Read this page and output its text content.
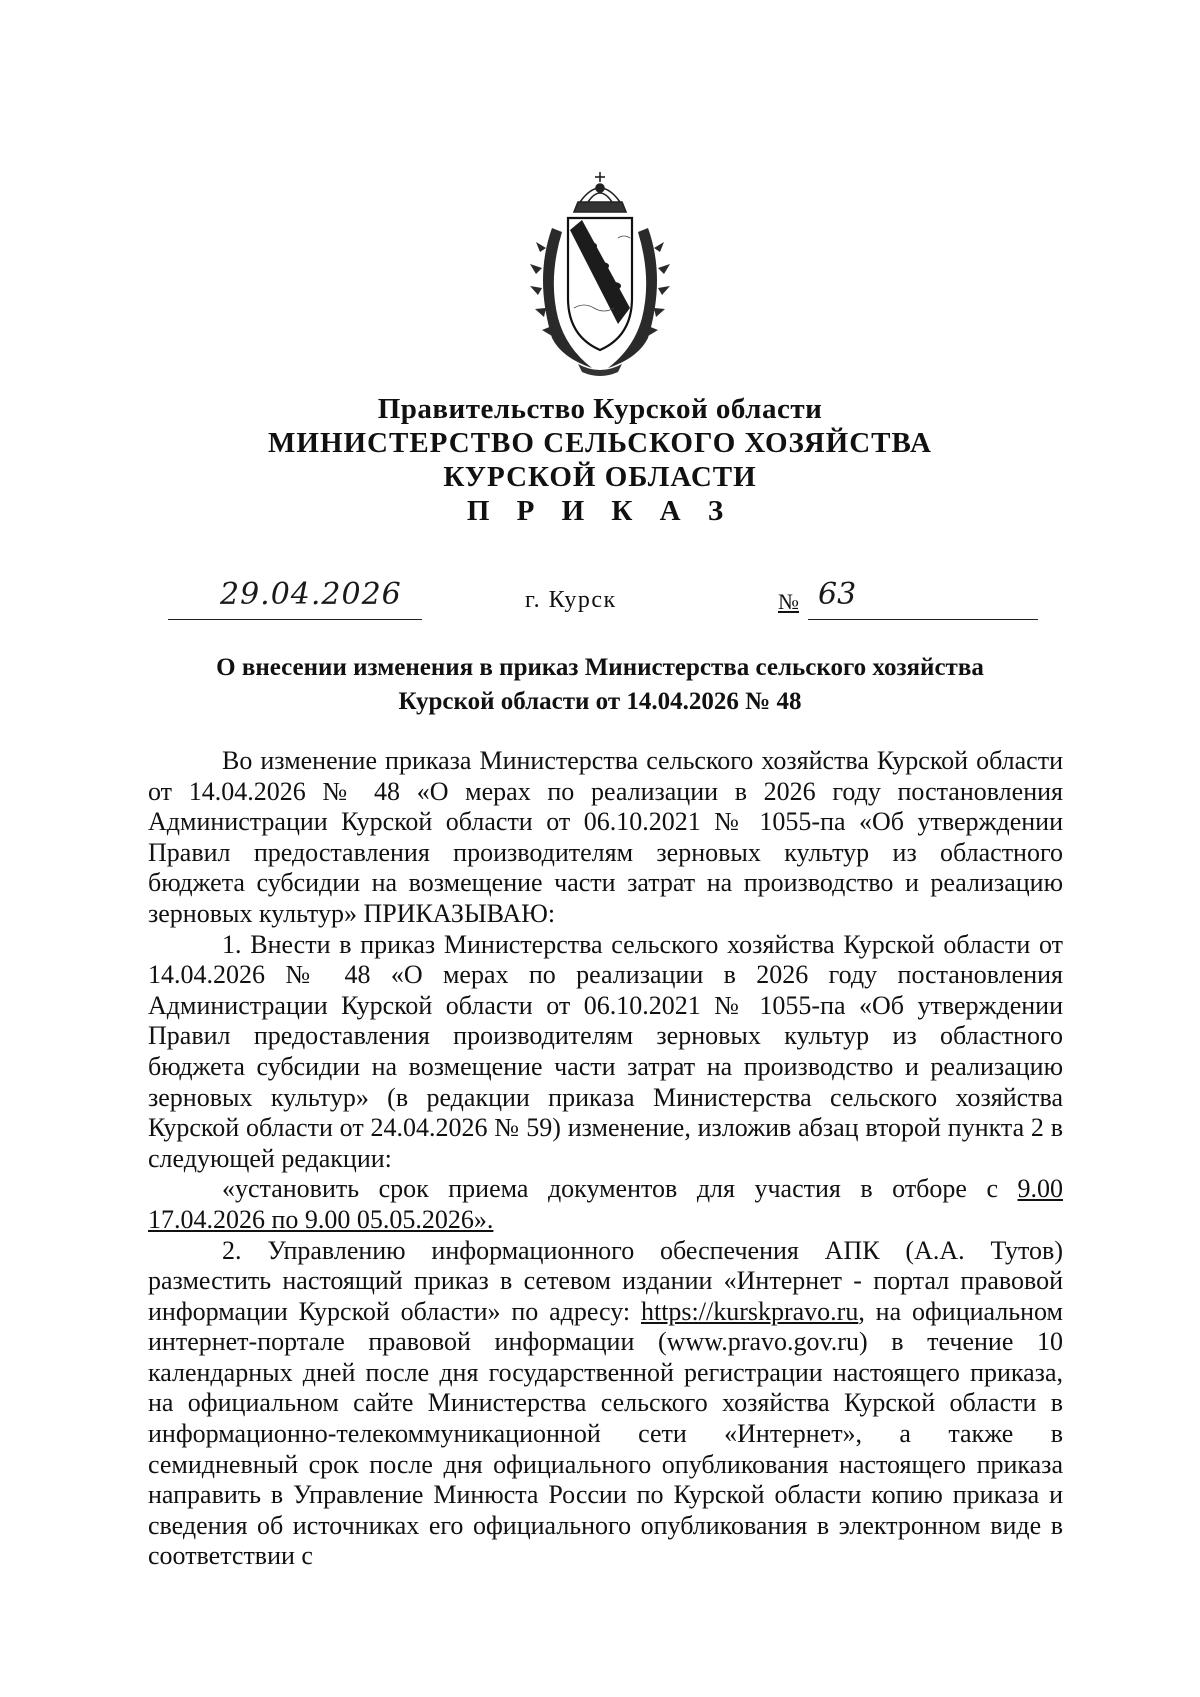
Правительство Курской области
МИНИСТЕРСТВО СЕЛЬСКОГО ХОЗЯЙСТВА
КУРСКОЙ ОБЛАСТИ
П Р И К А З
29.04.2026	г. Курск	№ 63
О внесении изменения в приказ Министерства сельского хозяйства
Курской области от 14.04.2026 № 48

Во изменение приказа Министерства сельского хозяйства Курской области от 14.04.2026 № 48 «О мерах по реализации в 2026 году постановления Администрации Курской области от 06.10.2021 № 1055-па «Об утверждении Правил предоставления производителям зерновых культур из областного бюджета субсидии на возмещение части затрат на производство и реализацию зерновых культур» ПРИКАЗЫВАЮ:

1. Внести в приказ Министерства сельского хозяйства Курской области от 14.04.2026 № 48 «О мерах по реализации в 2026 году постановления Администрации Курской области от 06.10.2021 № 1055-па «Об утверждении Правил предоставления производителям зерновых культур из областного бюджета субсидии на возмещение части затрат на производство и реализацию зерновых культур» (в редакции приказа Министерства сельского хозяйства Курской области от 24.04.2026 № 59) изменение, изложив абзац второй пункта 2 в следующей редакции:

«установить срок приема документов для участия в отборе с 9.00 17.04.2026 по 9.00 05.05.2026».

2. Управлению информационного обеспечения АПК (А.А. Тутов) разместить настоящий приказ в сетевом издании «Интернет - портал правовой информации Курской области» по адресу: https://kurskpravo.ru, на официальном интернет-портале правовой информации (www.pravo.gov.ru) в течение 10 календарных дней после дня государственной регистрации настоящего приказа, на официальном сайте Министерства сельского хозяйства Курской области в информационно-телекоммуникационной сети «Интернет», а также в семидневный срок после дня официального опубликования настоящего приказа направить в Управление Минюста России по Курской области копию приказа и сведения об источниках его официального опубликования в электронном виде в соответствии с
